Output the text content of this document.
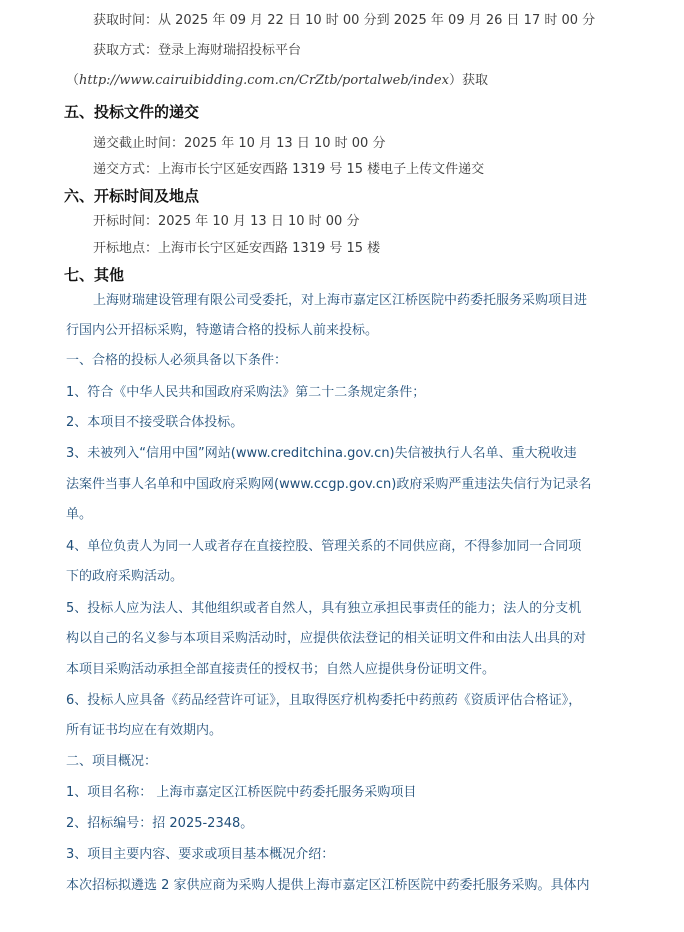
获取时间：从 2025 年 09 月 22 日 10 时 00 分到 2025 年 09 月 26 日 17 时 00 分
获取方式：登录上海财瑞招投标平台
（http://www.cairuibidding.com.cn/CrZtb/portalweb/index）获取
五、投标文件的递交
递交截止时间：2025 年 10 月 13 日 10 时 00 分
递交方式：上海市长宁区延安西路 1319 号 15 楼电子上传文件递交
六、开标时间及地点
开标时间：2025 年 10 月 13 日 10 时 00 分
开标地点：上海市长宁区延安西路 1319 号 15 楼
七、其他
上海财瑞建设管理有限公司受委托，对上海市嘉定区江桥医院中药委托服务采购项目进
行国内公开招标采购，特邀请合格的投标人前来投标。
一、合格的投标人必须具备以下条件：
1、符合《中华人民共和国政府采购法》第二十二条规定条件；
2、本项目不接受联合体投标。
3、未被列入“信用中国”网站(www.creditchina.gov.cn)失信被执行人名单、重大税收违
法案件当事人名单和中国政府采购网(www.ccgp.gov.cn)政府采购严重违法失信行为记录名
单。
4、单位负责人为同一人或者存在直接控股、管理关系的不同供应商，不得参加同一合同项
下的政府采购活动。
5、投标人应为法人、其他组织或者自然人，具有独立承担民事责任的能力；法人的分支机
构以自己的名义参与本项目采购活动时，应提供依法登记的相关证明文件和由法人出具的对
本项目采购活动承担全部直接责任的授权书；自然人应提供身份证明文件。
6、投标人应具备《药品经营许可证》，且取得医疗机构委托中药煎药《资质评估合格证》，
所有证书均应在有效期内。
二、项目概况：
1、项目名称： 上海市嘉定区江桥医院中药委托服务采购项目
2、招标编号：招 2025-2348。
3、项目主要内容、要求或项目基本概况介绍：
本次招标拟遴选 2 家供应商为采购人提供上海市嘉定区江桥医院中药委托服务采购。具体内
